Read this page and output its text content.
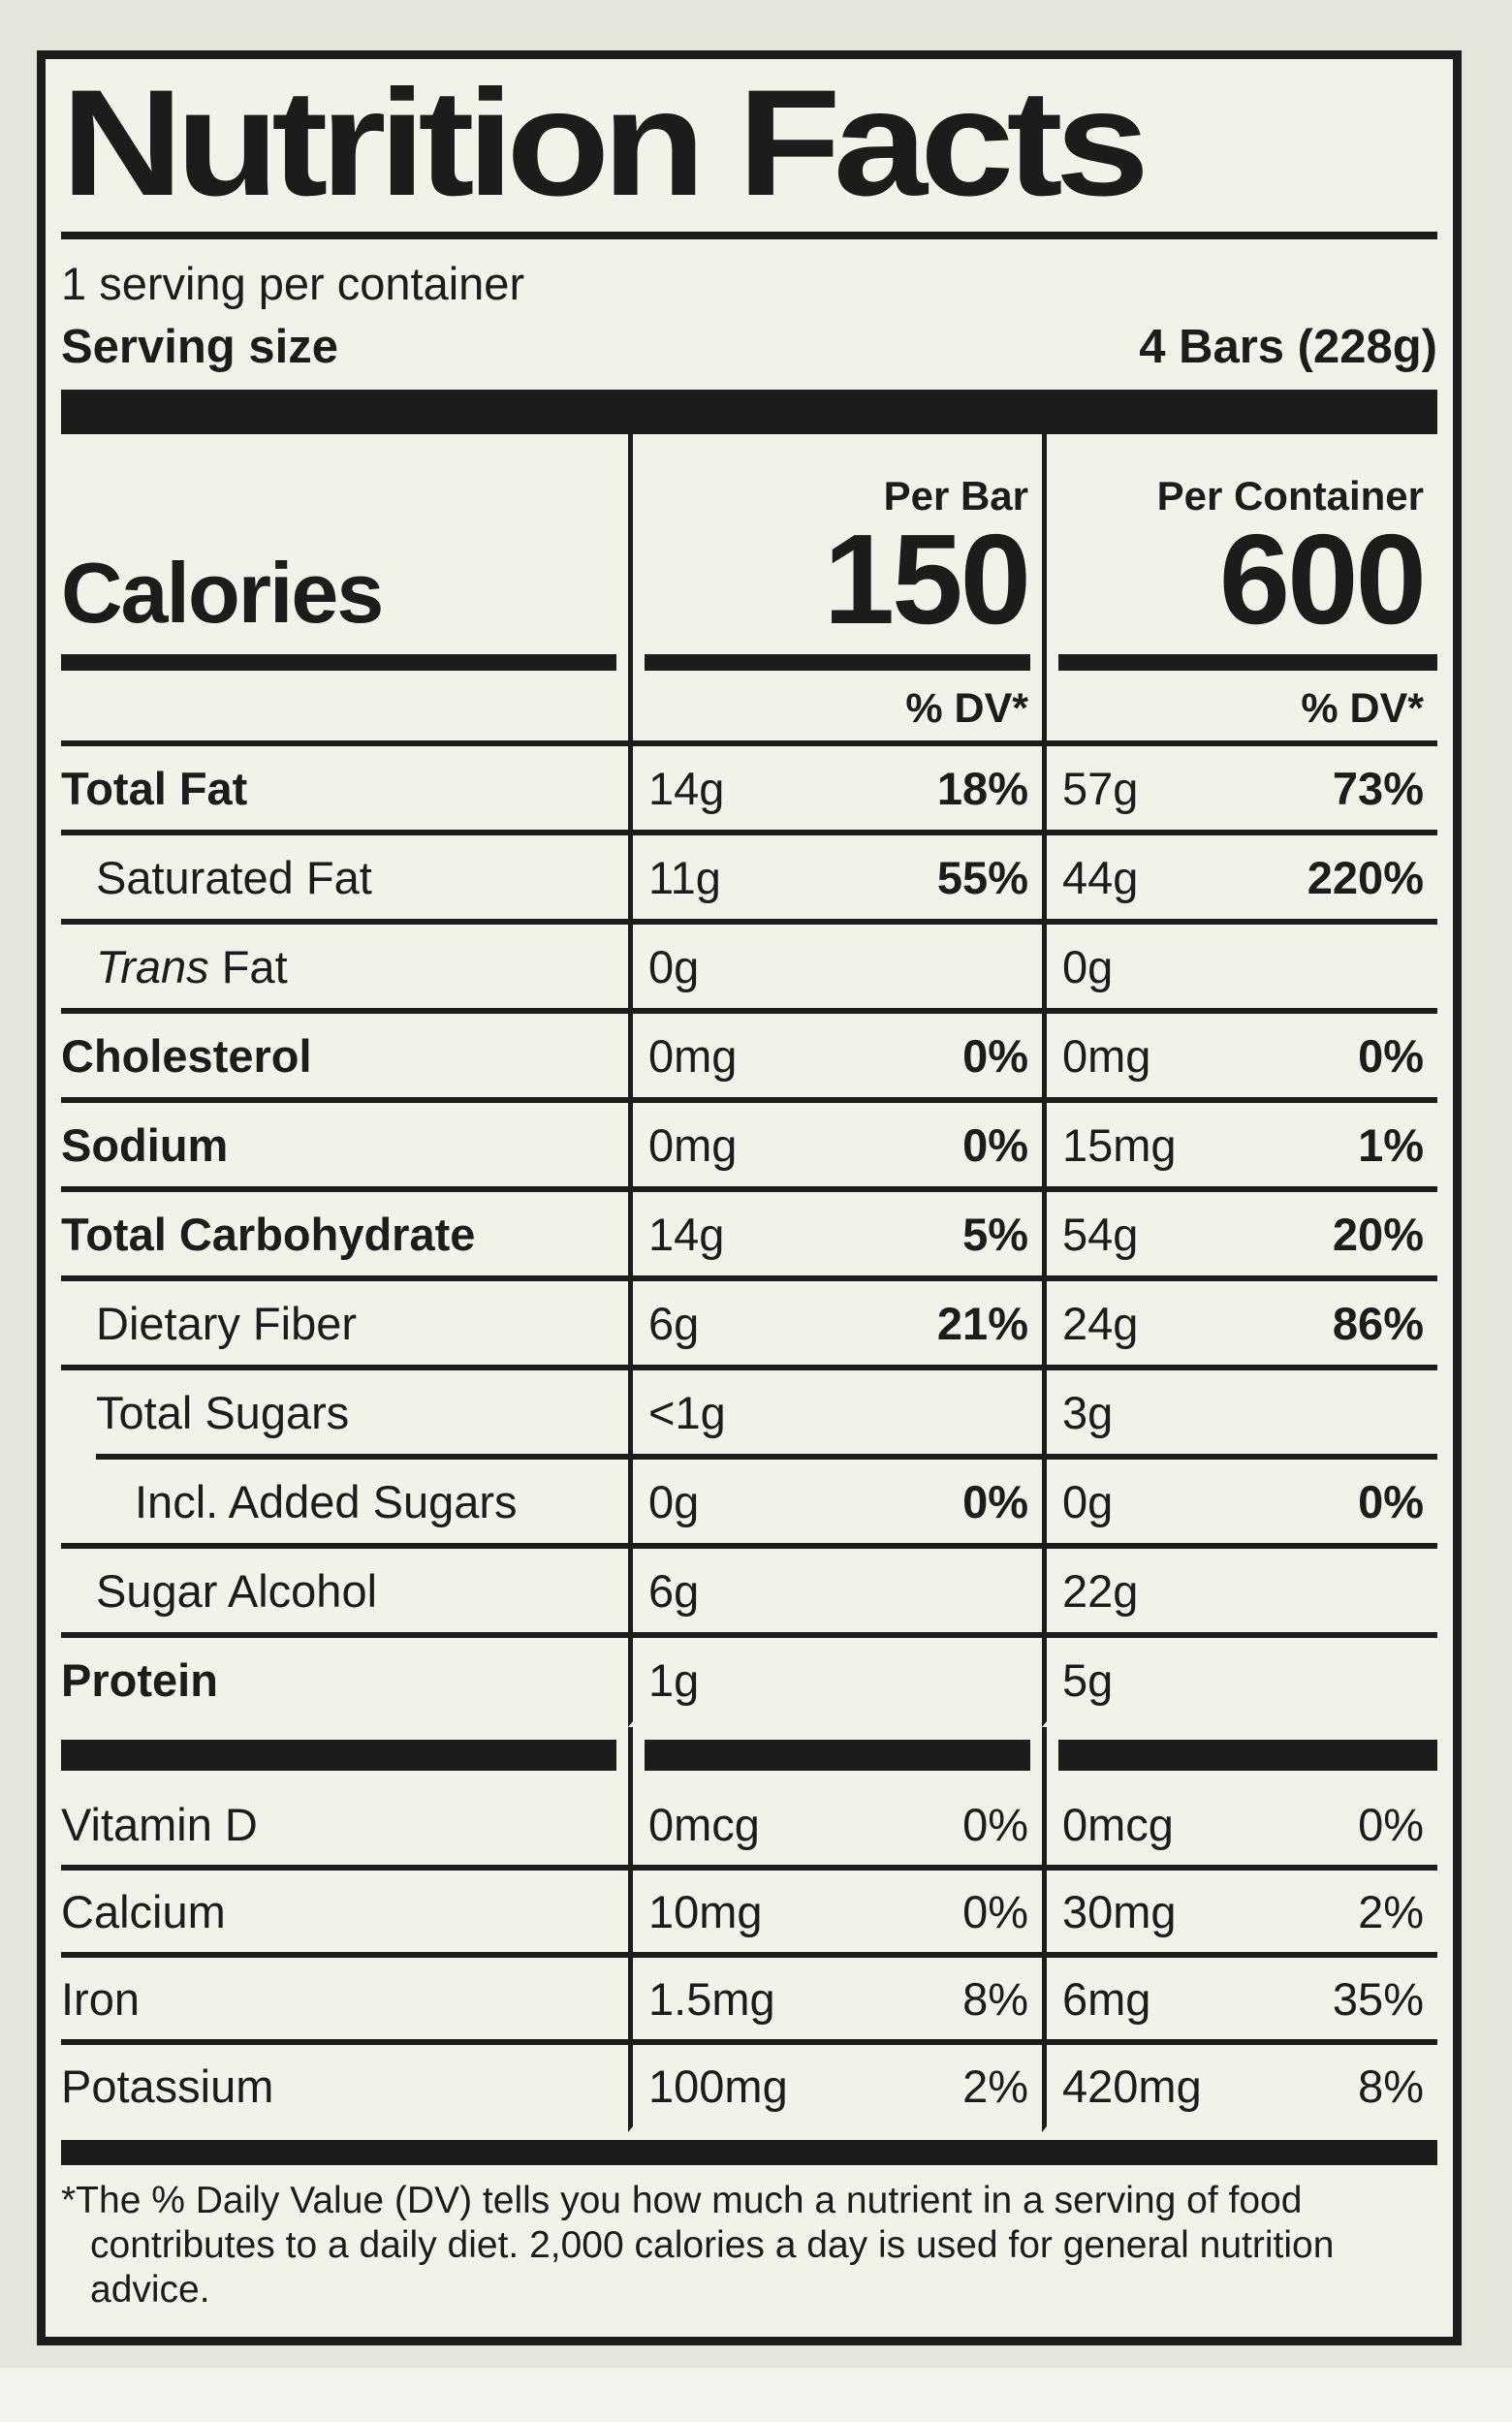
Nutrition Facts
1 serving per container
Serving size	4 Bars (228g)
Calories
Per Bar
150
Per Container
600
% DV*	% DV*
Total Fat	14g	18% 57g	73%
Saturated Fat	11g	55% 44g	220%
Trans Fat	0g	0g
Cholesterol	0mg	0% 0mg	0%
Sodium	0mg	0% 15mg	1%
Total Carbohydrate	14g	5% 54g	20%
Dietary Fiber	6g	21% 24g	86%
Total Sugars	<1g	3g
Incl. Added Sugars	0g	0% 0g	0%
Sugar Alcohol	6g	22g
Protein	1g	5g
Vitamin D	0mcg	0% 0mcg	0%
Calcium	10mg	0% 30mg	2%
Iron	1.5mg	8% 6mg	35%
Potassium	100mg	2% 420mg	8%
*The % Daily Value (DV) tells you how much a nutrient in a serving of food
contributes to a daily diet. 2,000 calories a day is used for general nutrition advice.
